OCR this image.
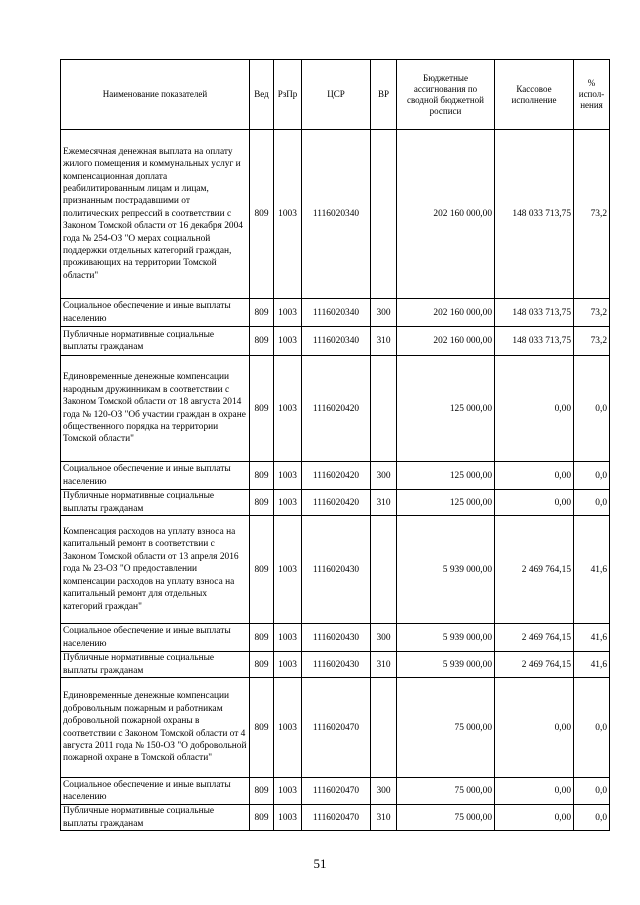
Наименование показателей	Вед	РзПр	ЦСР	ВР	Бюджетные ассигнования по сводной бюджетной росписи	Кассовое исполнение	% испол-нения
Ежемесячная денежная выплата на оплату жилого помещения и коммунальных услуг и компенсационная доплата реабилитированным лицам и лицам, признанным пострадавшими от политических репрессий в соответствии с Законом Томской области от 16 декабря 2004 года № 254-ОЗ "О мерах социальной поддержки отдельных категорий граждан, проживающих на территории Томской области"	809	1003	1116020340		202 160 000,00	148 033 713,75	73,2
Социальное обеспечение и иные выплаты населению	809	1003	1116020340	300	202 160 000,00	148 033 713,75	73,2
Публичные нормативные социальные выплаты гражданам	809	1003	1116020340	310	202 160 000,00	148 033 713,75	73,2
Единовременные денежные компенсации народным дружинникам в соответствии с Законом Томской области от 18 августа 2014 года № 120-ОЗ "Об участии граждан в охране общественного порядка на территории Томской области"	809	1003	1116020420		125 000,00	0,00	0,0
Социальное обеспечение и иные выплаты населению	809	1003	1116020420	300	125 000,00	0,00	0,0
Публичные нормативные социальные выплаты гражданам	809	1003	1116020420	310	125 000,00	0,00	0,0
Компенсация расходов на уплату взноса на капитальный ремонт в соответствии с Законом Томской области от 13 апреля 2016 года № 23-ОЗ "О предоставлении компенсации расходов на уплату взноса на капитальный ремонт для отдельных категорий граждан"	809	1003	1116020430		5 939 000,00	2 469 764,15	41,6
Социальное обеспечение и иные выплаты населению	809	1003	1116020430	300	5 939 000,00	2 469 764,15	41,6
Публичные нормативные социальные выплаты гражданам	809	1003	1116020430	310	5 939 000,00	2 469 764,15	41,6
Единовременные денежные компенсации добровольным пожарным и работникам добровольной пожарной охраны в соответствии с Законом Томской области от 4 августа 2011 года № 150-ОЗ "О добровольной пожарной охране в Томской области"	809	1003	1116020470		75 000,00	0,00	0,0
Социальное обеспечение и иные выплаты населению	809	1003	1116020470	300	75 000,00	0,00	0,0
Публичные нормативные социальные выплаты гражданам	809	1003	1116020470	310	75 000,00	0,00	0,0
51
